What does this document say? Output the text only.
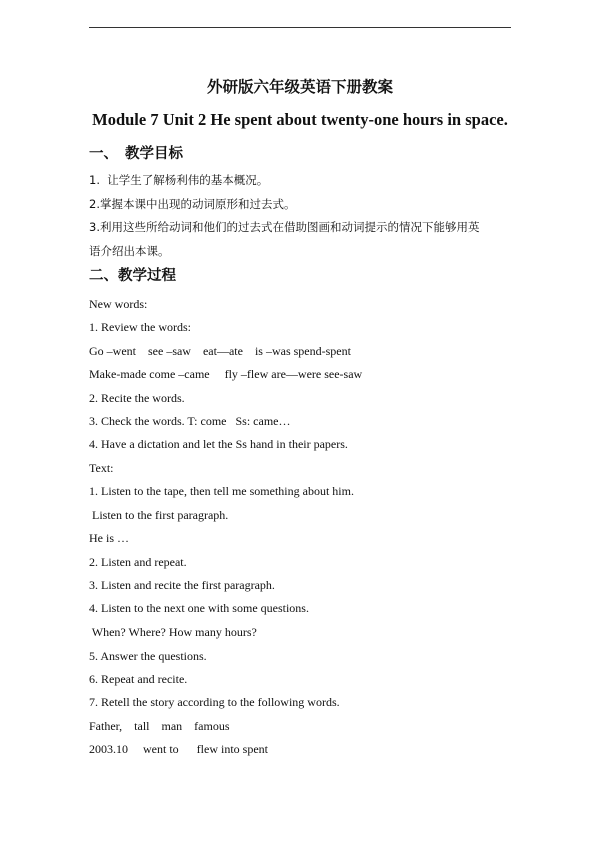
外研版六年级英语下册教案
Module 7 Unit 2 He spent about twenty-one hours in space.
一、 教学目标
1.  让学生了解杨利伟的基本概况。
2.掌握本课中出现的动词原形和过去式。
3.利用这些所给动词和他们的过去式在借助图画和动词提示的情况下能够用英
语介绍出本课。
二、教学过程
New words:
1. Review the words:
Go –went    see –saw    eat—ate    is –was spend-spent
Make-made come –came     fly –flew are—were see-saw
2. Recite the words.
3. Check the words. T: come   Ss: came…
4. Have a dictation and let the Ss hand in their papers.
Text:
1. Listen to the tape, then tell me something about him.
Listen to the first paragraph.
He is …
2. Listen and repeat.
3. Listen and recite the first paragraph.
4. Listen to the next one with some questions.
When? Where? How many hours?
5. Answer the questions.
6. Repeat and recite.
7. Retell the story according to the following words.
Father,    tall    man    famous
2003.10     went to      flew into spent
